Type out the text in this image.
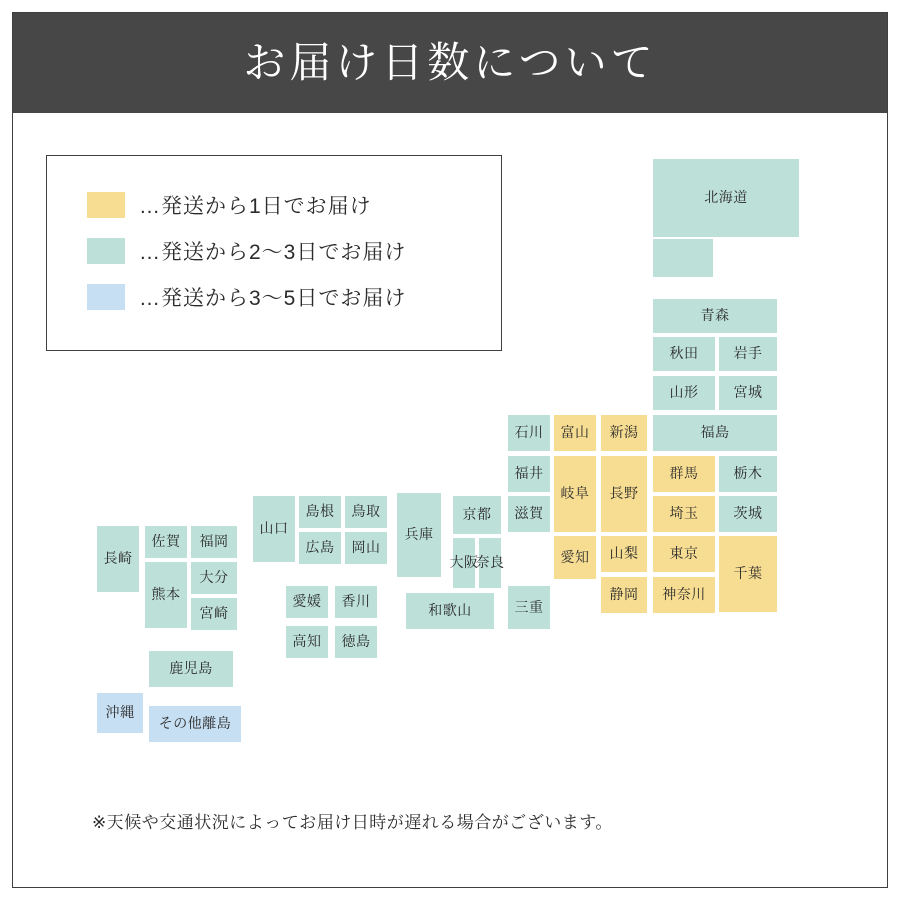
お届け日数について
…発送から1日でお届け
…発送から2〜3日でお届け
…発送から3〜5日でお届け
北海道
青森
秋田	岩手
山形	宮城
福島
石川 富山 新潟
福井	群馬	栃木
岐阜 長野
埼玉	茨城
滋賀
山口
島根 鳥取
広島 岡山
兵庫
京都
大阪
奈良
長崎
佐賀 福岡
大分
熊本
宮崎
愛媛 香川
高知 徳島
和歌山	三重
愛知 山梨 東京
千葉
静岡 神奈川
鹿児島
沖縄
その他離島
※天候や交通状況によってお届け日時が遅れる場合がございます。
